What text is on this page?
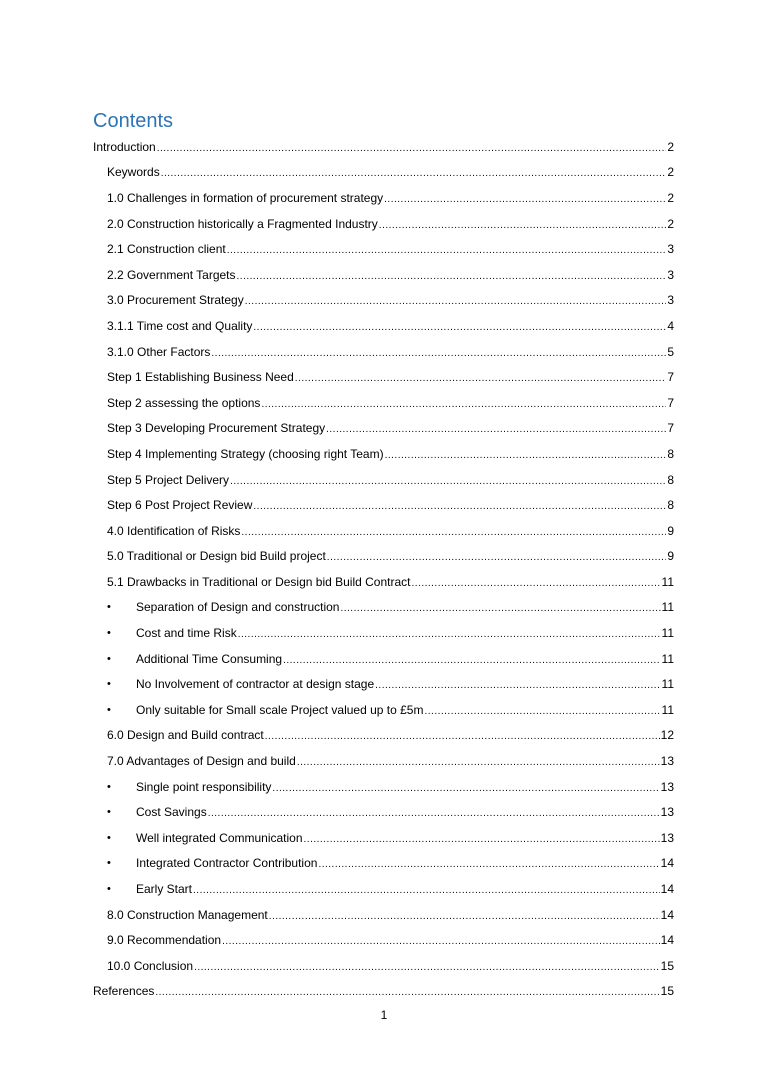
Contents
Introduction .....	2
Keywords .....	2
1.0 Challenges in formation of procurement strategy .....	2
2.0 Construction historically a Fragmented Industry .....	2
2.1 Construction client .....	3
2.2 Government Targets .....	3
3.0 Procurement Strategy .....	3
3.1.1 Time cost and Quality .....	4
3.1.0 Other Factors .....	5
Step 1 Establishing Business Need .....	7
Step 2 assessing the options .....	7
Step 3 Developing Procurement Strategy .....	7
Step 4 Implementing Strategy (choosing right Team) .....	8
Step 5 Project Delivery .....	8
Step 6 Post Project Review .....	8
4.0 Identification of Risks .....	9
5.0 Traditional or Design bid Build project .....	9
5.1 Drawbacks in Traditional or Design bid Build Contract .....	11
•	Separation of Design and construction .....	11
•	Cost and time Risk .....	11
•	Additional Time Consuming .....	11
•	No Involvement of contractor at design stage .....	11
•	Only suitable for Small scale Project valued up to £5m .....	11
6.0 Design and Build contract .....	12
7.0 Advantages of Design and build .....	13
•	Single point responsibility .....	13
•	Cost Savings .....	13
•	Well integrated Communication .....	13
•	Integrated Contractor Contribution .....	14
•	Early Start .....	14
8.0 Construction Management .....	14
9.0 Recommendation .....	14
10.0 Conclusion .....	15
References .....	15
1
